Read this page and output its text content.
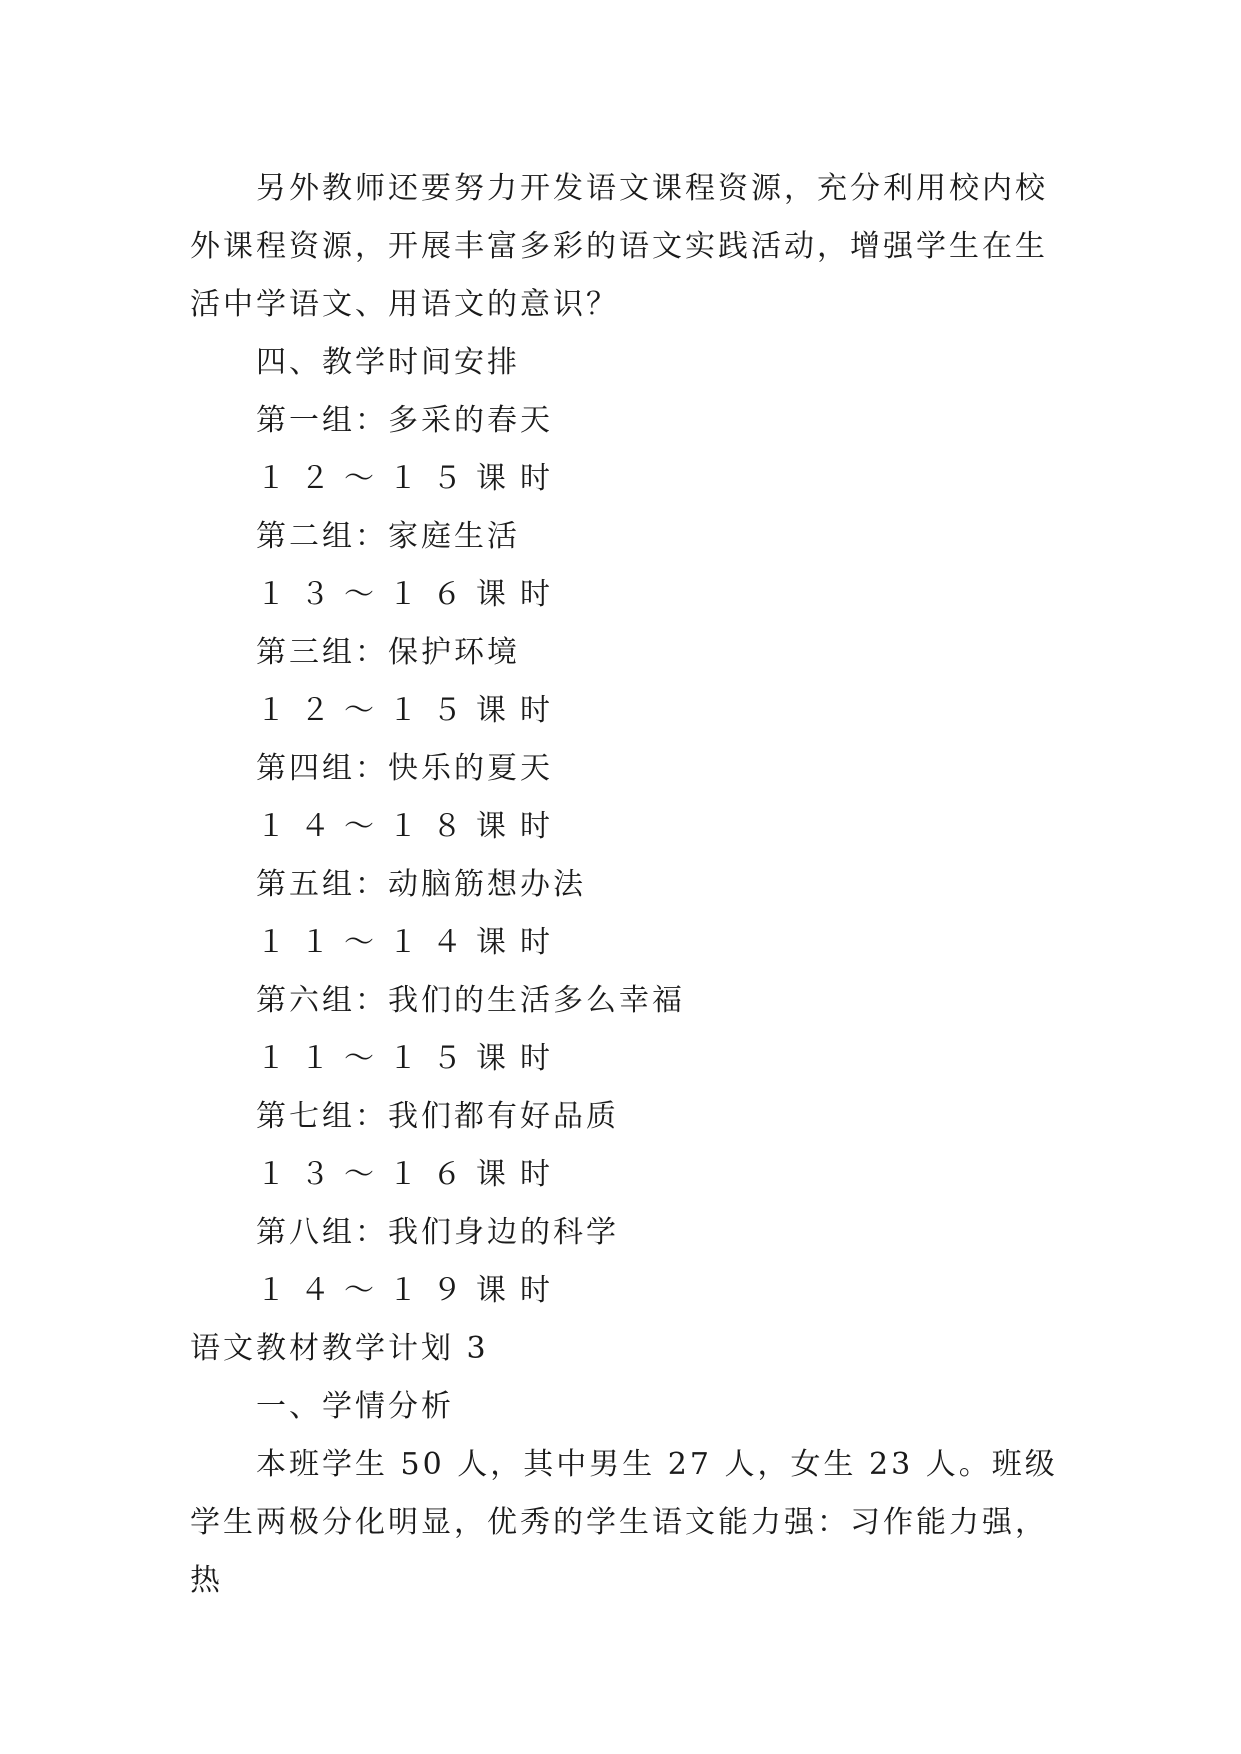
另外教师还要努力开发语文课程资源，充分利用校内校外课程资源，开展丰富多彩的语文实践活动，增强学生在生活中学语文、用语文的意识？

四、教学时间安排

第一组：多采的春天

１２～１５课时

第二组：家庭生活

１３～１６课时

第三组：保护环境

１２～１５课时

第四组：快乐的夏天

１４～１８课时

第五组：动脑筋想办法

１１～１４课时

第六组：我们的生活多么幸福

１１～１５课时

第七组：我们都有好品质

１３～１６课时

第八组：我们身边的科学

１４～１９课时

语文教材教学计划 3

一、学情分析

本班学生 50 人，其中男生 27 人，女生 23 人。班级学生两极分化明显，优秀的学生语文能力强：习作能力强，热
